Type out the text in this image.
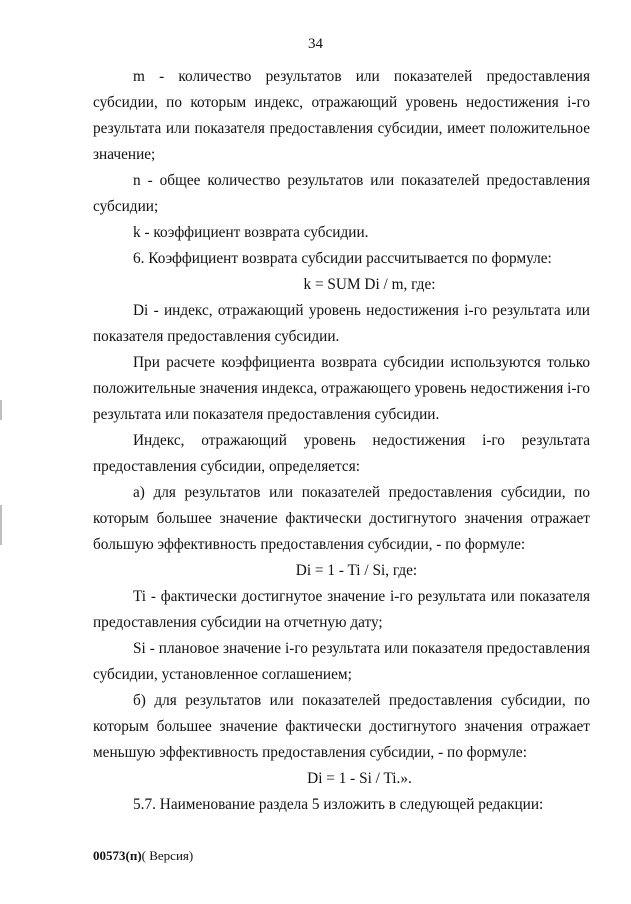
34

m - количество результатов или показателей предоставления субсидии, по которым индекс, отражающий уровень недостижения i-го результата или показателя предоставления субсидии, имеет положительное значение;

n - общее количество результатов или показателей предоставления субсидии;

k - коэффициент возврата субсидии.

6. Коэффициент возврата субсидии рассчитывается по формуле:

k = SUM Di / m, где:

Di - индекс, отражающий уровень недостижения i-го результата или показателя предоставления субсидии.

При расчете коэффициента возврата субсидии используются только положительные значения индекса, отражающего уровень недостижения i-го результата или показателя предоставления субсидии.

Индекс, отражающий уровень недостижения i-го результата

предоставления субсидии, определяется:

а) для результатов или показателей предоставления субсидии, по которым большее значение фактически достигнутого значения отражает большую эффективность предоставления субсидии, - по формуле:

Di = 1 - Ti / Si, где:

Ti - фактически достигнутое значение i-го результата или показателя предоставления субсидии на отчетную дату;

Si - плановое значение i-го результата или показателя предоставления субсидии, установленное соглашением;

б) для результатов или показателей предоставления субсидии, по которым большее значение фактически достигнутого значения отражает меньшую эффективность предоставления субсидии, - по формуле:

Di = 1 - Si / Ti.».

5.7. Наименование раздела 5 изложить в следующей редакции:

00573(п)( Версия)
